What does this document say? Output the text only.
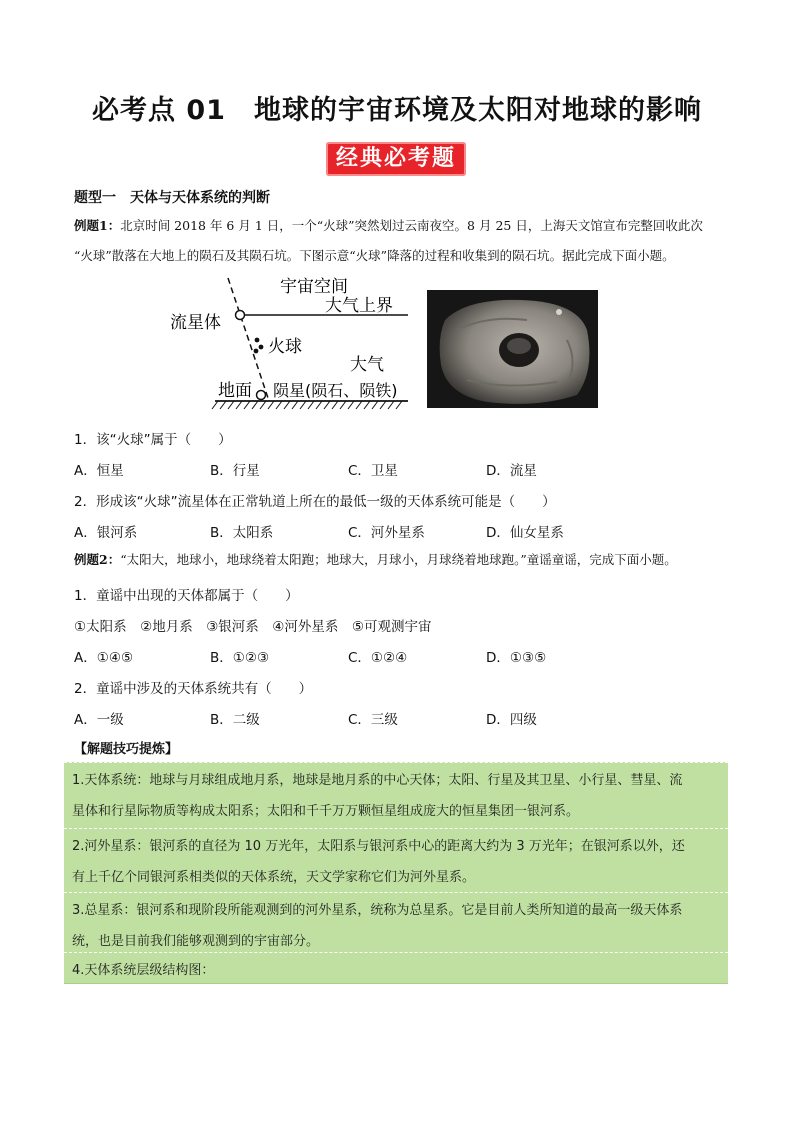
必考点 01　地球的宇宙环境及太阳对地球的影响
经典必考题
题型一　天体与天体系统的判断
例题1：北京时间 2018 年 6 月 1 日，一个“火球”突然划过云南夜空。8 月 25 日，上海天文馆宣布完整回收此次
“火球”散落在大地上的陨石及其陨石坑。下图示意“火球”降落的过程和收集到的陨石坑。据此完成下面小题。
宇宙空间
大气上界
流星体
火球
大气
地面 陨星(陨石、陨铁)
1．该“火球”属于（　　）
A．恒星	B．行星	C．卫星	D．流星
2．形成该“火球”流星体在正常轨道上所在的最低一级的天体系统可能是（　　）
A．银河系	B．太阳系	C．河外星系	D．仙女星系
例题2：“太阳大，地球小，地球绕着太阳跑；地球大，月球小，月球绕着地球跑。”童谣童谣，完成下面小题。
1．童谣中出现的天体都属于（　　）
①太阳系　②地月系　③银河系　④河外星系　⑤可观测宇宙
A．①④⑤	B．①②③	C．①②④	D．①③⑤
2．童谣中涉及的天体系统共有（　　）
A．一级	B．二级	C．三级	D．四级
【解题技巧提炼】
1.天体系统：地球与月球组成地月系，地球是地月系的中心天体；太阳、行星及其卫星、小行星、彗星、流
星体和行星际物质等构成太阳系；太阳和千千万万颗恒星组成庞大的恒星集团一银河系。
2.河外星系：银河系的直径为 10 万光年，太阳系与银河系中心的距离大约为 3 万光年；在银河系以外，还
有上千亿个同银河系相类似的天体系统，天文学家称它们为河外星系。
3.总星系：银河系和现阶段所能观测到的河外星系，统称为总星系。它是目前人类所知道的最高一级天体系
统，也是目前我们能够观测到的宇宙部分。
4.天体系统层级结构图：
